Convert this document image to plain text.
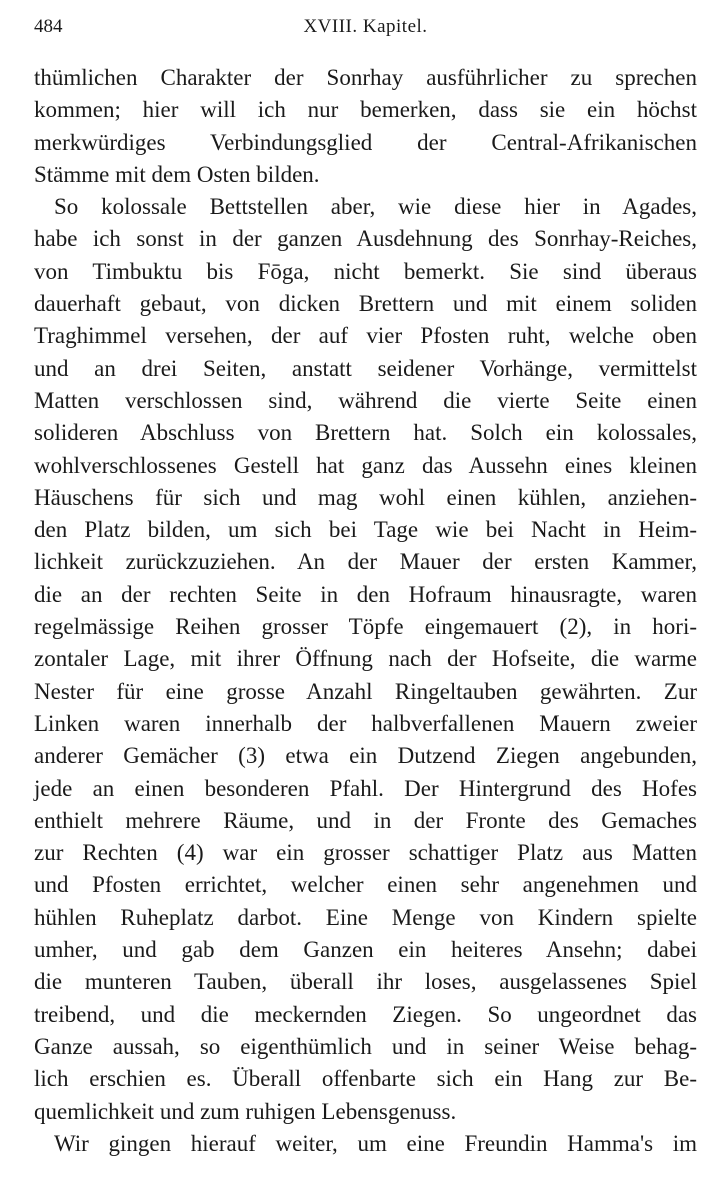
484	XVIII. Kapitel.
thümlichen Charakter der Sonrhay ausführlicher zu sprechen
kommen; hier will ich nur bemerken, dass sie ein höchst
merkwürdiges Verbindungsglied der Central-Afrikanischen
Stämme mit dem Osten bilden.
So kolossale Bettstellen aber, wie diese hier in Agades,
habe ich sonst in der ganzen Ausdehnung des Sonrhay-Reiches,
von Timbuktu bis Fōga, nicht bemerkt. Sie sind überaus
dauerhaft gebaut, von dicken Brettern und mit einem soliden
Traghimmel versehen, der auf vier Pfosten ruht, welche oben
und an drei Seiten, anstatt seidener Vorhänge, vermittelst
Matten verschlossen sind, während die vierte Seite einen
solideren Abschluss von Brettern hat. Solch ein kolossales,
wohlverschlossenes Gestell hat ganz das Aussehn eines kleinen
Häuschens für sich und mag wohl einen kühlen, anziehen-
den Platz bilden, um sich bei Tage wie bei Nacht in Heim-
lichkeit zurückzuziehen. An der Mauer der ersten Kammer,
die an der rechten Seite in den Hofraum hinausragte, waren
regelmässige Reihen grosser Töpfe eingemauert (2), in hori-
zontaler Lage, mit ihrer Öffnung nach der Hofseite, die warme
Nester für eine grosse Anzahl Ringeltauben gewährten. Zur
Linken waren innerhalb der halbverfallenen Mauern zweier
anderer Gemächer (3) etwa ein Dutzend Ziegen angebunden,
jede an einen besonderen Pfahl. Der Hintergrund des Hofes
enthielt mehrere Räume, und in der Fronte des Gemaches
zur Rechten (4) war ein grosser schattiger Platz aus Matten
und Pfosten errichtet, welcher einen sehr angenehmen und
hühlen Ruheplatz darbot. Eine Menge von Kindern spielte
umher, und gab dem Ganzen ein heiteres Ansehn; dabei
die munteren Tauben, überall ihr loses, ausgelassenes Spiel
treibend, und die meckernden Ziegen. So ungeordnet das
Ganze aussah, so eigenthümlich und in seiner Weise behag-
lich erschien es. Überall offenbarte sich ein Hang zur Be-
quemlichkeit und zum ruhigen Lebensgenuss.
Wir gingen hierauf weiter, um eine Freundin Hamma's im
